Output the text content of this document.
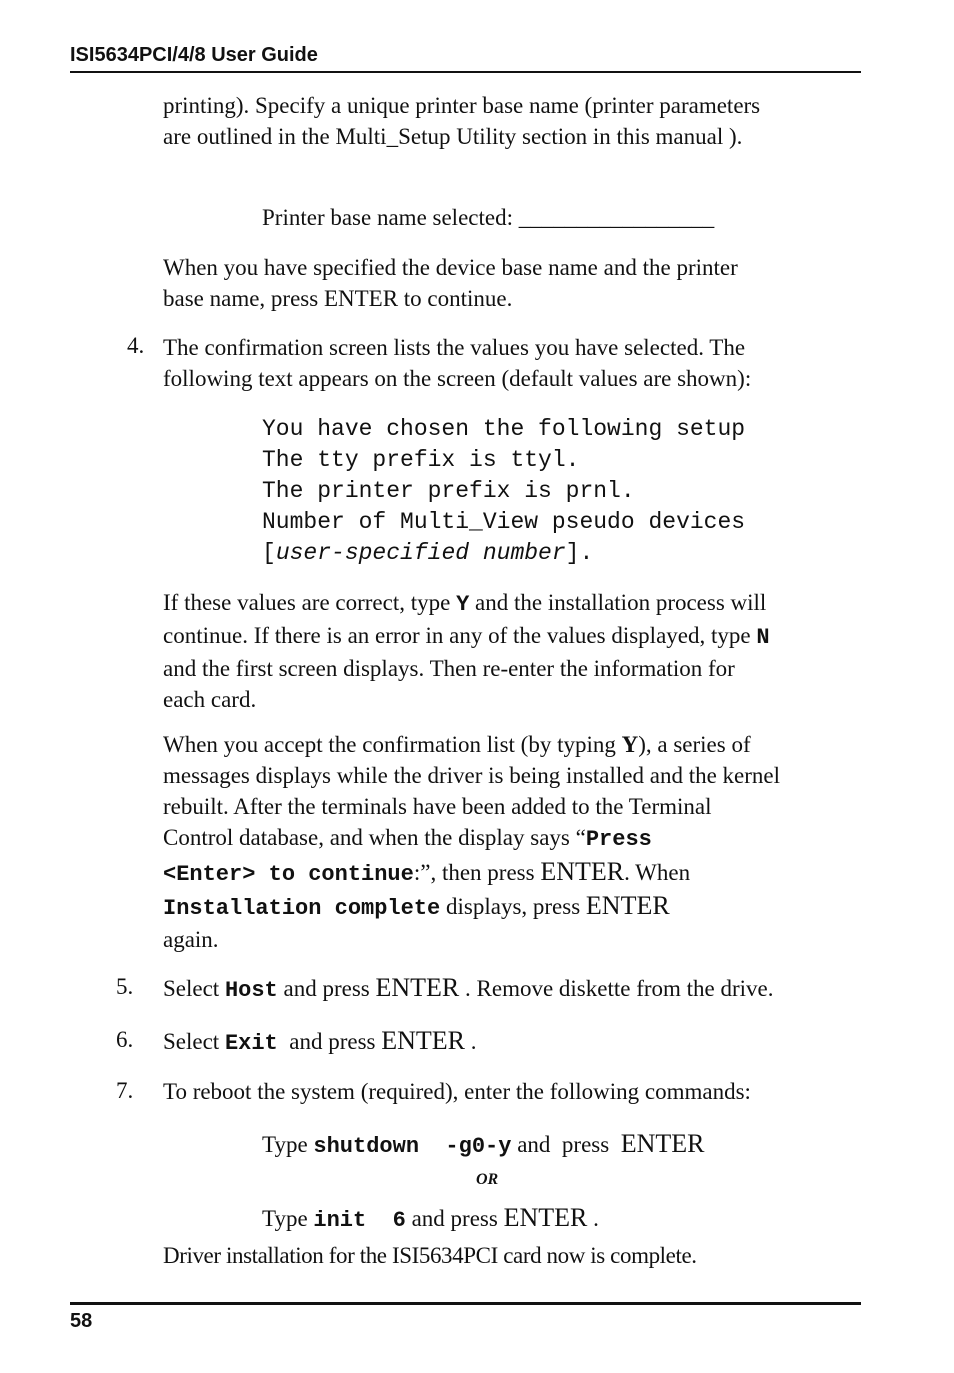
ISI5634PCI/4/8 User Guide
printing). Specify a unique printer base name (printer parameters
are outlined in the Multi_Setup Utility section in this manual ).
Printer base name selected: _________________
When you have specified the device base name and the printer
base name, press ENTER to continue.
4. The confirmation screen lists the values you have selected. The
following text appears on the screen (default values are shown):
You have chosen the following setup
The tty prefix is ttyl.
The printer prefix is prnl.
Number of Multi_View pseudo devices
[user-specified number].
If these values are correct, type Y and the installation process will
continue. If there is an error in any of the values displayed, type N
and the first screen displays. Then re-enter the information for
each card.
When you accept the confirmation list (by typing Y), a series of
messages displays while the driver is being installed and the kernel
rebuilt. After the terminals have been added to the Terminal
Control database, and when the display says “Press
<Enter> to continue:”, then press ENTER. When
Installation complete displays, press ENTER
again.
5. Select Host and press ENTER . Remove diskette from the drive.
6. Select Exit  and press ENTER .
7. To reboot the system (required), enter the following commands:
Type shutdown  -g0-y and  press  ENTER
OR
Type init  6 and press ENTER .
Driver installation for the ISI5634PCI card now is complete.
58
